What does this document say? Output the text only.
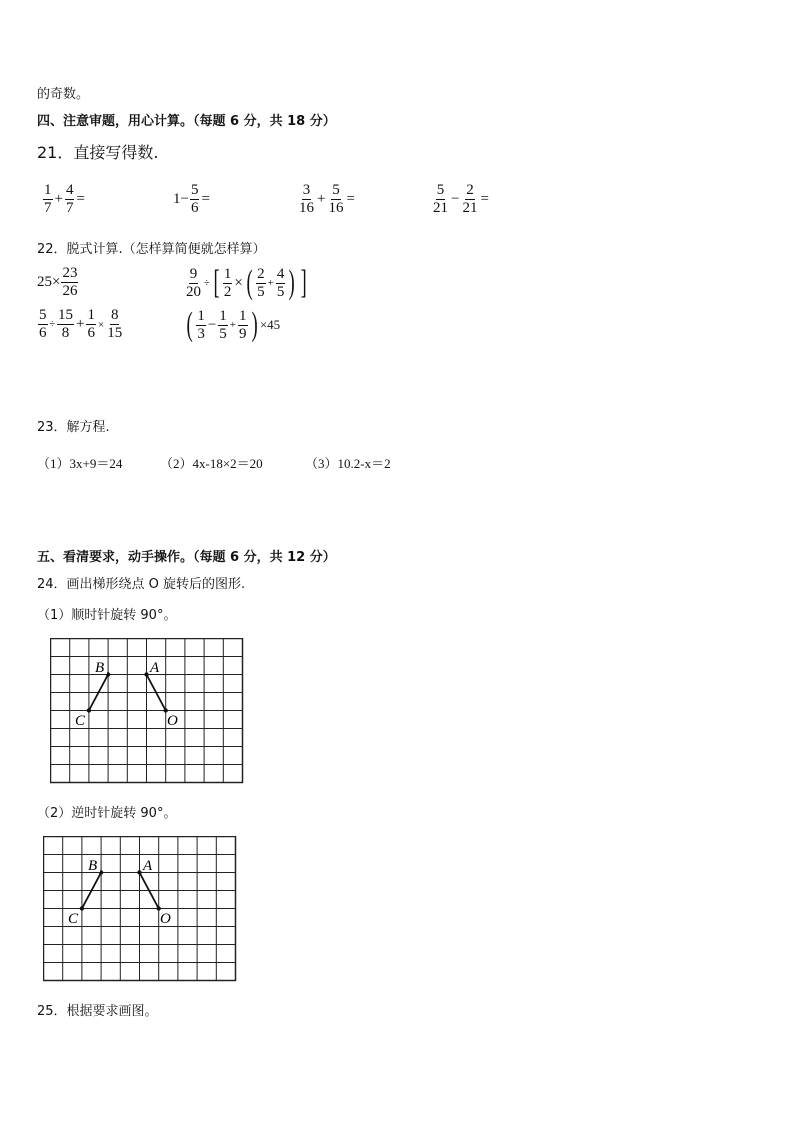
的奇数。
四、注意审题，用心计算。（每题 6 分，共 18 分）
21．直接写得数.
$\frac{1}{7} + \frac{4}{7}$ =	$1- \frac{5}{6}$ =	$\frac{3}{16} + \frac{5}{16}$ =	$\frac{5}{21} - \frac{2}{21}$ =
22．脱式计算.（怎样算简便就怎样算）
$25\times \frac{23}{26}$	$\frac{9}{20}$ ÷ [ $\frac{1}{2}$ × ( $\frac{2}{5} + \frac{4}{5}$ ) ]
$\frac{5}{6} \div \frac{15}{8} + \frac{1}{6} \times \frac{8}{15}$ ( $\frac{1}{3} - \frac{1}{5} + \frac{1}{9}$ ) ×45
23．解方程.
（1）3x+9＝24	（2）4x-18×2＝20	（3）10.2-x＝2
五、看清要求，动手操作。（每题 6 分，共 12 分）
24．画出梯形绕点 O 旋转后的图形.
（1）顺时针旋转 90°。
B	A
C	O
（2）逆时针旋转 90°。
B	A
C	O
25．根据要求画图。
